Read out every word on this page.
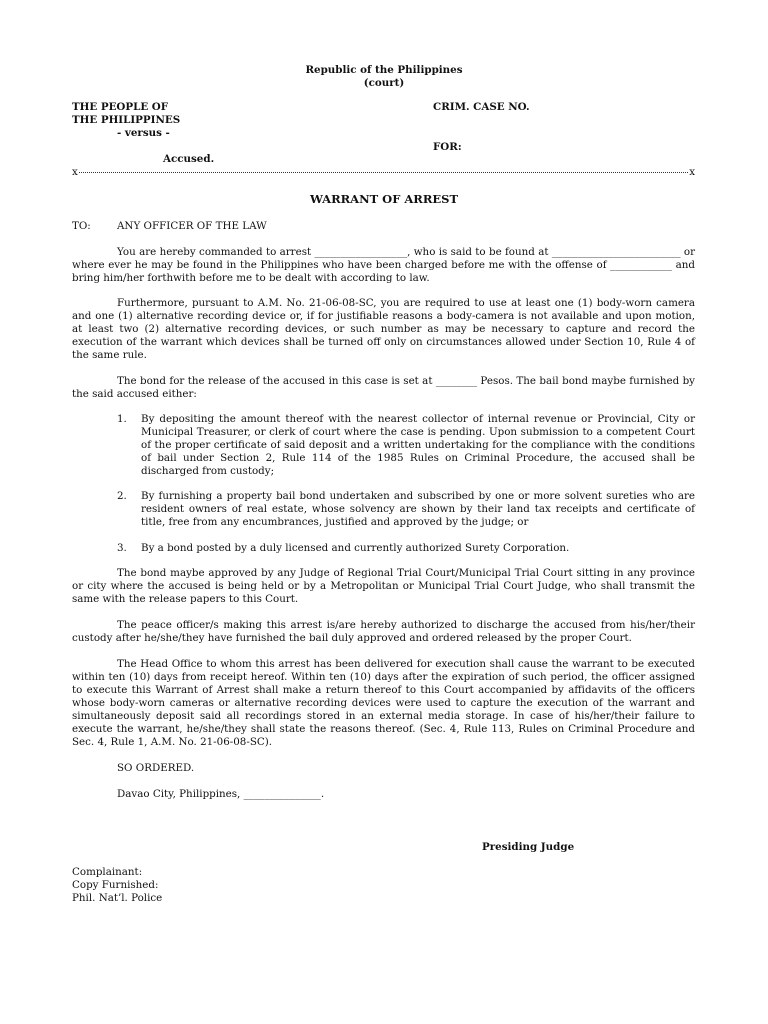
Republic of the Philippines
(court)
THE PEOPLE OF
THE PHILIPPINES
- versus -
Accused.
CRIM. CASE NO.
FOR:
x	x
WARRANT OF ARREST
TO:	ANY OFFICER OF THE LAW
You are hereby commanded to arrest __________________, who is said to be found at _________________________ or where ever he may be found in the Philippines who have been charged before me with the offense of ____________ and bring him/her forthwith before me to be dealt with according to law.
Furthermore, pursuant to A.M. No. 21-06-08-SC, you are required to use at least one (1) body-worn camera and one (1) alternative recording device or, if for justifiable reasons a body-camera is not available and upon motion, at least two (2) alternative recording devices, or such number as may be necessary to capture and record the execution of the warrant which devices shall be turned off only on circumstances allowed under Section 10, Rule 4 of the same rule.
The bond for the release of the accused in this case is set at ________ Pesos. The bail bond maybe furnished by the said accused either:
1. By depositing the amount thereof with the nearest collector of internal revenue or Provincial, City or Municipal Treasurer, or clerk of court where the case is pending. Upon submission to a competent Court of the proper certificate of said deposit and a written undertaking for the compliance with the conditions of bail under Section 2, Rule 114 of the 1985 Rules on Criminal Procedure, the accused shall be discharged from custody;
2. By furnishing a property bail bond undertaken and subscribed by one or more solvent sureties who are resident owners of real estate, whose solvency are shown by their land tax receipts and certificate of title, free from any encumbrances, justified and approved by the judge; or
3. By a bond posted by a duly licensed and currently authorized Surety Corporation.
The bond maybe approved by any Judge of Regional Trial Court/Municipal Trial Court sitting in any province or city where the accused is being held or by a Metropolitan or Municipal Trial Court Judge, who shall transmit the same with the release papers to this Court.
The peace officer/s making this arrest is/are hereby authorized to discharge the accused from his/her/their custody after he/she/they have furnished the bail duly approved and ordered released by the proper Court.
The Head Office to whom this arrest has been delivered for execution shall cause the warrant to be executed within ten (10) days from receipt hereof. Within ten (10) days after the expiration of such period, the officer assigned to execute this Warrant of Arrest shall make a return thereof to this Court accompanied by affidavits of the officers whose body-worn cameras or alternative recording devices were used to capture the execution of the warrant and simultaneously deposit said all recordings stored in an external media storage. In case of his/her/their failure to execute the warrant, he/she/they shall state the reasons thereof. (Sec. 4, Rule 113, Rules on Criminal Procedure and Sec. 4, Rule 1, A.M. No. 21-06-08-SC).
SO ORDERED.
Davao City, Philippines, _______________.
Presiding Judge
Complainant:
Copy Furnished:
Phil. Nat’l. Police
